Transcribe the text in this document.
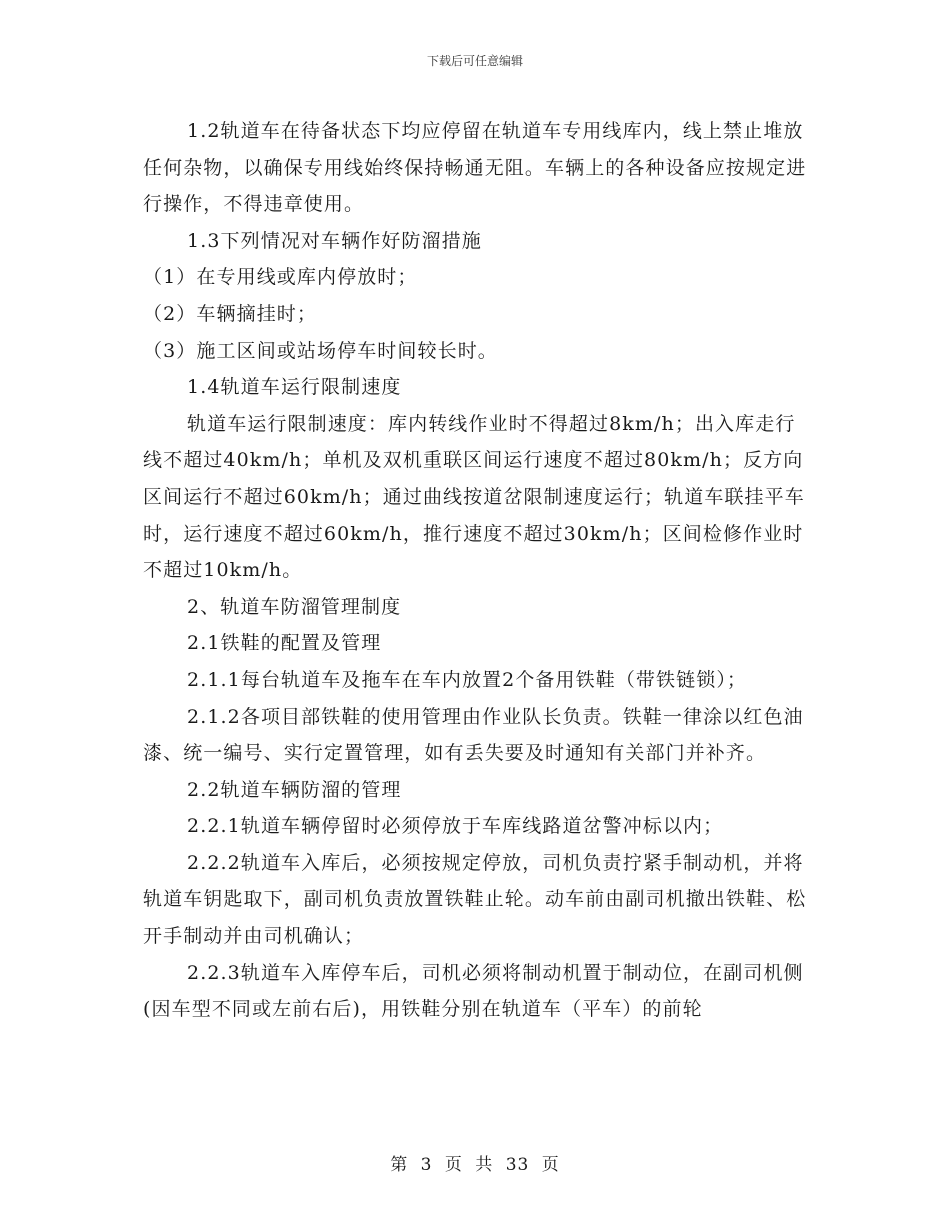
下载后可任意编辑

1.2轨道车在待备状态下均应停留在轨道车专用线库内，线上禁止堆放任何杂物，以确保专用线始终保持畅通无阻。车辆上的各种设备应按规定进行操作，不得违章使用。

1.3下列情况对车辆作好防溜措施

（1）在专用线或库内停放时；

（2）车辆摘挂时；

（3）施工区间或站场停车时间较长时。

1.4轨道车运行限制速度

轨道车运行限制速度：库内转线作业时不得超过8km/h；出入库走行线不超过40km/h；单机及双机重联区间运行速度不超过80km/h；反方向区间运行不超过60km/h；通过曲线按道岔限制速度运行；轨道车联挂平车时，运行速度不超过60km/h，推行速度不超过30km/h；区间检修作业时不超过10km/h。

2、轨道车防溜管理制度

2.1铁鞋的配置及管理

2.1.1每台轨道车及拖车在车内放置2个备用铁鞋（带铁链锁）；

2.1.2各项目部铁鞋的使用管理由作业队长负责。铁鞋一律涂以红色油漆、统一编号、实行定置管理，如有丢失要及时通知有关部门并补齐。

2.2轨道车辆防溜的管理

2.2.1轨道车辆停留时必须停放于车库线路道岔警冲标以内；

2.2.2轨道车入库后，必须按规定停放，司机负责拧紧手制动机，并将轨道车钥匙取下，副司机负责放置铁鞋止轮。动车前由副司机撤出铁鞋、松开手制动并由司机确认；

2.2.3轨道车入库停车后，司机必须将制动机置于制动位，在副司机侧(因车型不同或左前右后)，用铁鞋分别在轨道车（平车）的前轮

第 3 页 共 33 页
